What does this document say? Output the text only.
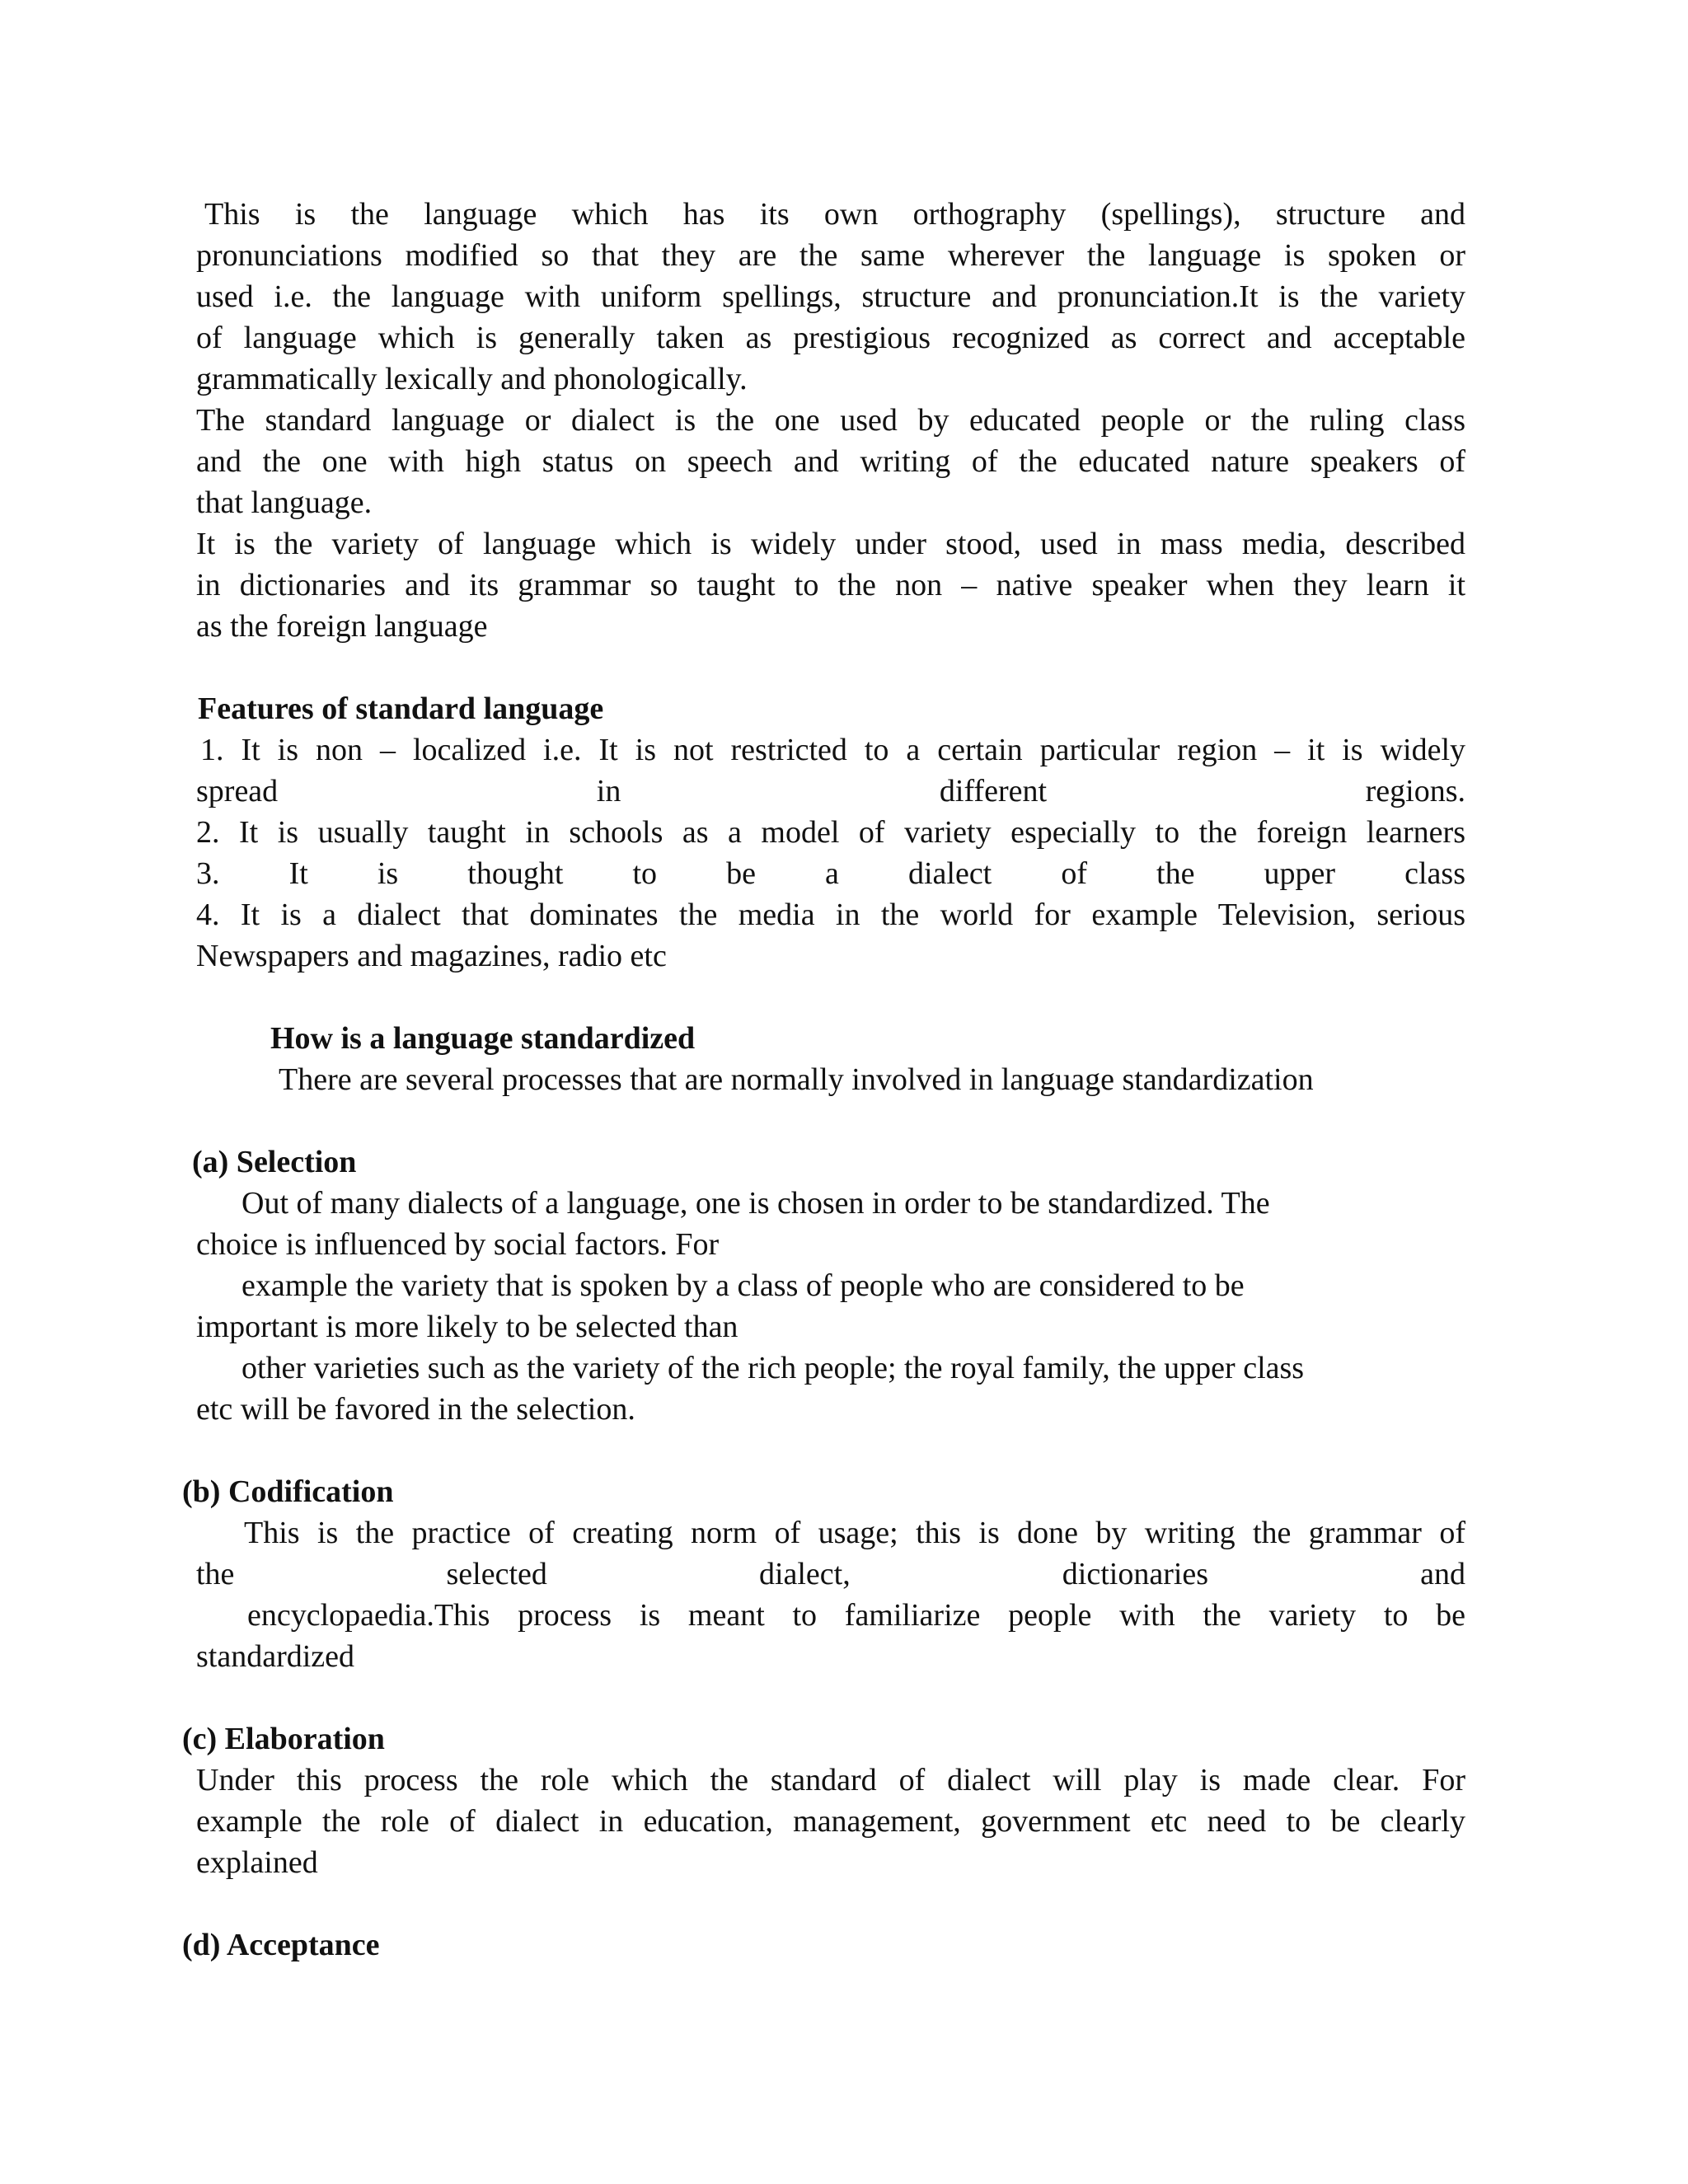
This is the language which has its own orthography (spellings), structure and
pronunciations modified so that they are the same wherever the language is spoken or
used i.e. the language with uniform spellings, structure and pronunciation.It is the variety
of language which is generally taken as prestigious recognized as correct and acceptable
grammatically lexically and phonologically.
The standard language or dialect is the one used by educated people or the ruling class
and the one with high status on speech and writing of the educated nature speakers of
that language.
It is the variety of language which is widely under stood, used in mass media, described
in dictionaries and its grammar so taught to the non – native speaker when they learn it
as the foreign language
Features of standard language
1. It is non – localized i.e. It is not restricted to a certain particular region – it is widely
spread in different regions.
2. It is usually taught in schools as a model of variety especially to the foreign learners
3. It is thought to be a dialect of the upper class
4. It is a dialect that dominates the media in the world for example Television, serious
Newspapers and magazines, radio etc
How is a language standardized
There are several processes that are normally involved in language standardization
(a) Selection
Out of many dialects of a language, one is chosen in order to be standardized. The
choice is influenced by social factors. For
example the variety that is spoken by a class of people who are considered to be
important is more likely to be selected than
other varieties such as the variety of the rich people; the royal family, the upper class
etc will be favored in the selection.
(b) Codification
This is the practice of creating norm of usage; this is done by writing the grammar of
the selected dialect, dictionaries and
encyclopaedia.This process is meant to familiarize people with the variety to be
standardized
(c) Elaboration
Under this process the role which the standard of dialect will play is made clear. For
example the role of dialect in education, management, government etc need to be clearly
explained
(d) Acceptance
